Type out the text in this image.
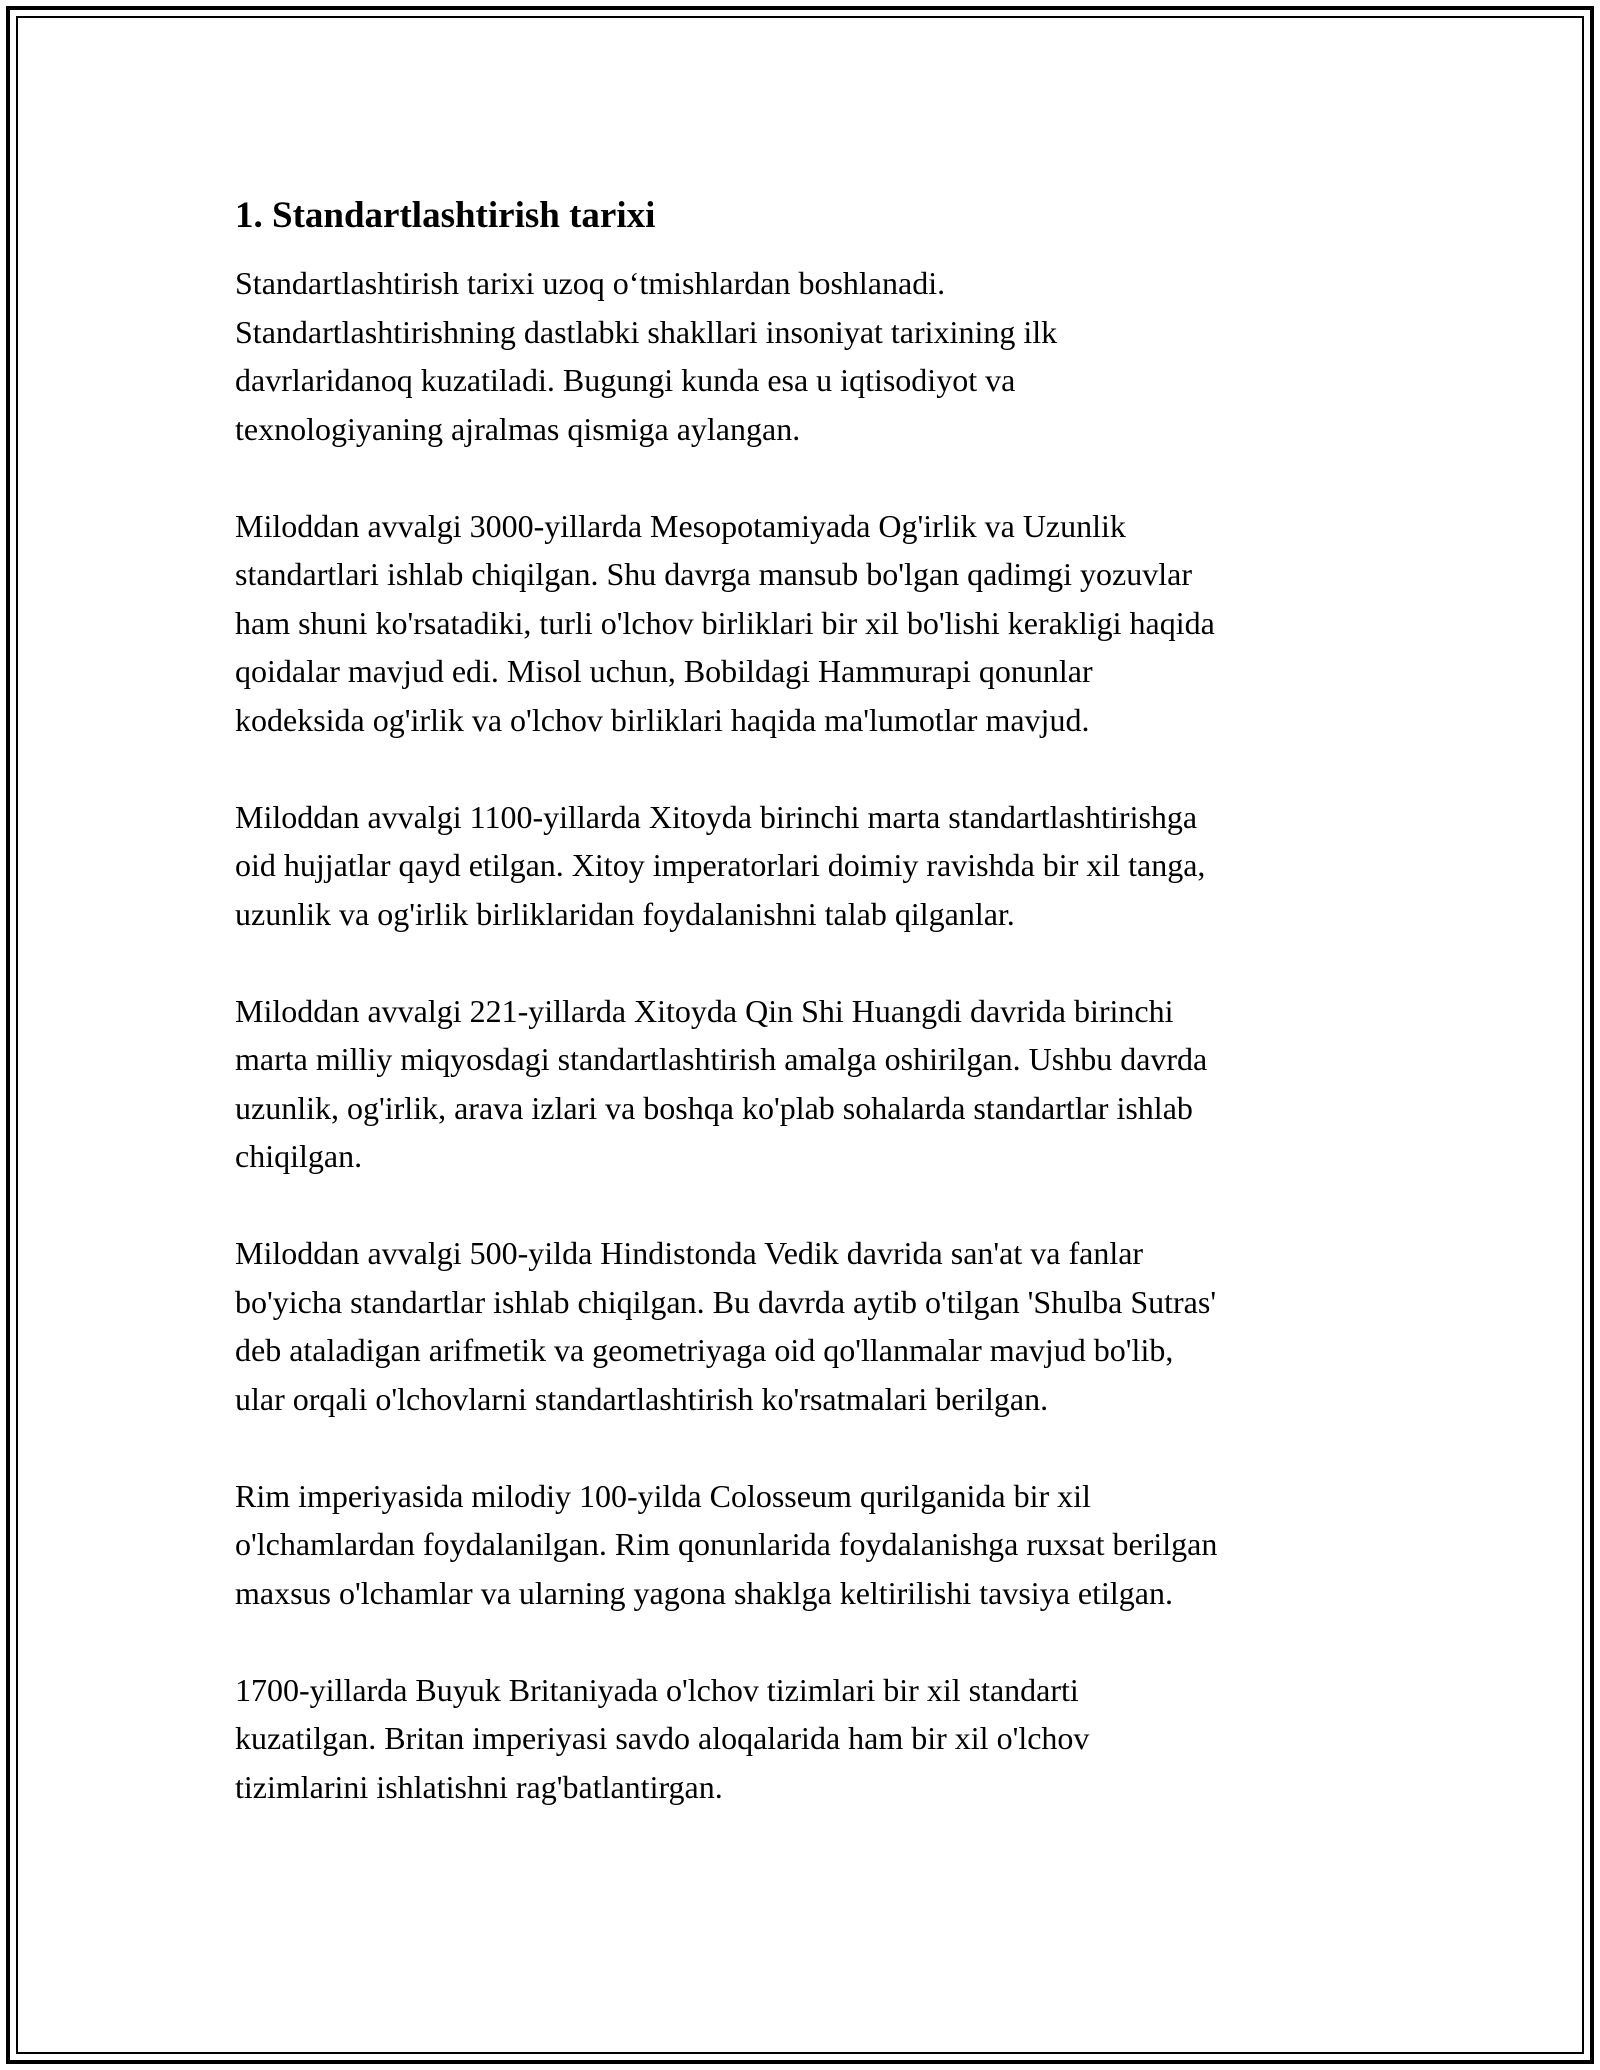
1. Standartlashtirish tarixi

Standartlashtirish tarixi uzoq o‘tmishlardan boshlanadi.
Standartlashtirishning dastlabki shakllari insoniyat tarixining ilk
davrlaridanoq kuzatiladi. Bugungi kunda esa u iqtisodiyot va
texnologiyaning ajralmas qismiga aylangan.

Miloddan avvalgi 3000-yillarda Mesopotamiyada Og'irlik va Uzunlik
standartlari ishlab chiqilgan. Shu davrga mansub bo'lgan qadimgi yozuvlar
ham shuni ko'rsatadiki, turli o'lchov birliklari bir xil bo'lishi kerakligi haqida
qoidalar mavjud edi. Misol uchun, Bobildagi Hammurapi qonunlar
kodeksida og'irlik va o'lchov birliklari haqida ma'lumotlar mavjud.

Miloddan avvalgi 1100-yillarda Xitoyda birinchi marta standartlashtirishga
oid hujjatlar qayd etilgan. Xitoy imperatorlari doimiy ravishda bir xil tanga,
uzunlik va og'irlik birliklaridan foydalanishni talab qilganlar.

Miloddan avvalgi 221-yillarda Xitoyda Qin Shi Huangdi davrida birinchi
marta milliy miqyosdagi standartlashtirish amalga oshirilgan. Ushbu davrda
uzunlik, og'irlik, arava izlari va boshqa ko'plab sohalarda standartlar ishlab
chiqilgan.

Miloddan avvalgi 500-yilda Hindistonda Vedik davrida san'at va fanlar
bo'yicha standartlar ishlab chiqilgan. Bu davrda aytib o'tilgan 'Shulba Sutras'
deb ataladigan arifmetik va geometriyaga oid qo'llanmalar mavjud bo'lib,
ular orqali o'lchovlarni standartlashtirish ko'rsatmalari berilgan.

Rim imperiyasida milodiy 100-yilda Colosseum qurilganida bir xil
o'lchamlardan foydalanilgan. Rim qonunlarida foydalanishga ruxsat berilgan
maxsus o'lchamlar va ularning yagona shaklga keltirilishi tavsiya etilgan.

1700-yillarda Buyuk Britaniyada o'lchov tizimlari bir xil standarti
kuzatilgan. Britan imperiyasi savdo aloqalarida ham bir xil o'lchov
tizimlarini ishlatishni rag'batlantirgan.
